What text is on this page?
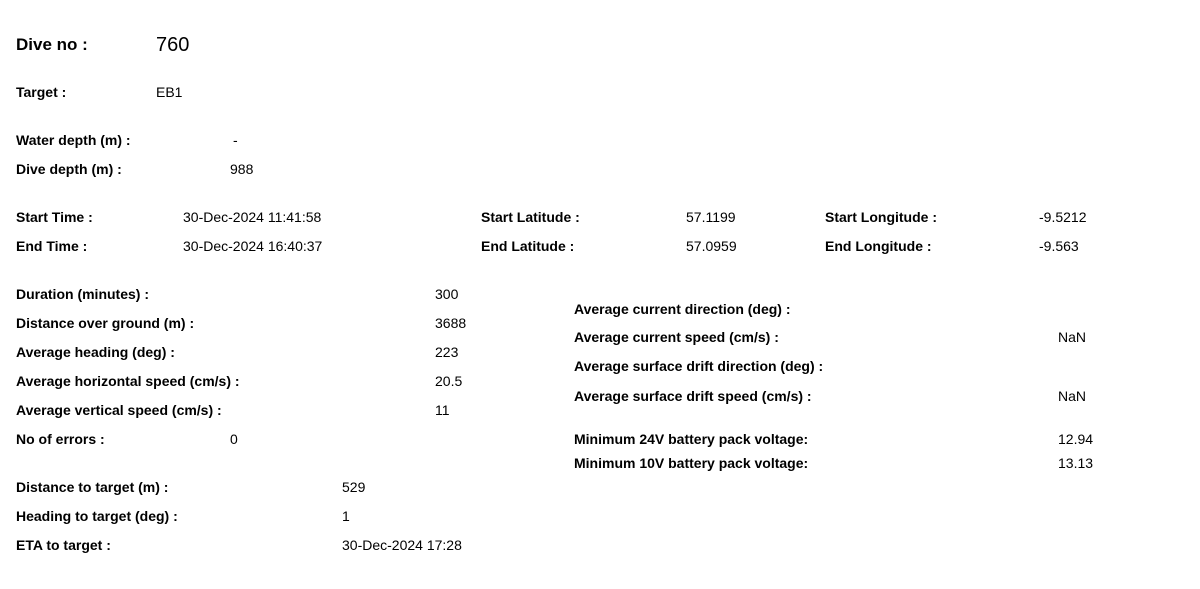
Dive no :	760
Target :	EB1
Water depth (m) :	-
Dive depth (m) :	988
Start Time :	30-Dec-2024 11:41:58
End Time :	30-Dec-2024 16:40:37
Start Latitude :	57.1199
End Latitude :	57.0959
Start Longitude :	-9.5212
End Longitude :	-9.563
Duration (minutes) :	300
Distance over ground (m) :	3688
Average heading (deg) :	223
Average horizontal speed (cm/s) :	20.5
Average vertical speed (cm/s) :	11
No of errors :	0
Distance to target (m) :	529
Heading to target (deg) :	1
ETA to target :	30-Dec-2024 17:28
Average current direction (deg) :
Average current speed (cm/s) :	NaN
Average surface drift direction (deg) :
Average surface drift speed (cm/s) :	NaN
Minimum 24V battery pack voltage:	12.94
Minimum 10V battery pack voltage:	13.13
